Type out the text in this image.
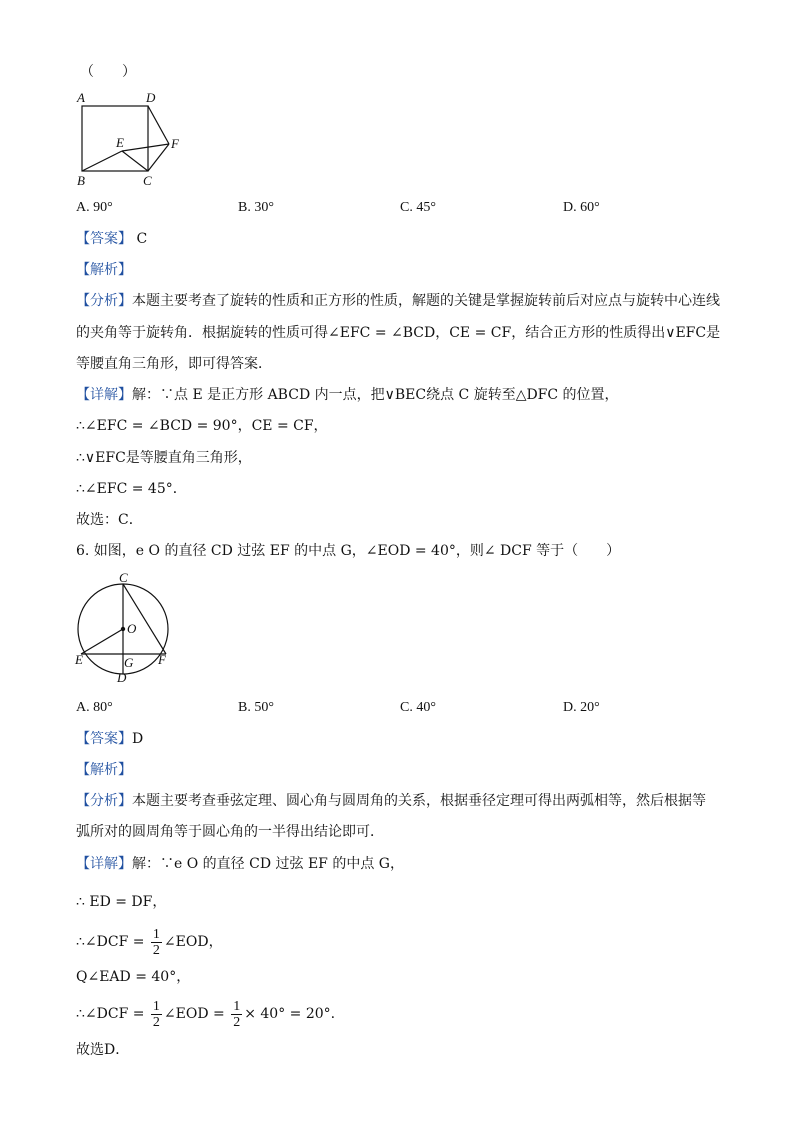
（　　）
A	D
E	F
B	C
A. 90°	B. 30°	C. 45°	D. 60°
【答案】 C
【解析】
【分析】本题主要考查了旋转的性质和正方形的性质，解题的关键是掌握旋转前后对应点与旋转中心连线
的夹角等于旋转角．根据旋转的性质可得∠EFC = ∠BCD，CE = CF，结合正方形的性质得出∨EFC是
等腰直角三角形，即可得答案．
【详解】解：∵点 E 是正方形 ABCD 内一点，把∨BEC绕点 C 旋转至△DFC 的位置，
∴∠EFC = ∠BCD = 90°，CE = CF，
∴∨EFC是等腰直角三角形，
∴∠EFC = 45°．
故选：C．
6. 如图，e O 的直径 CD 过弦 EF 的中点 G，∠EOD = 40°，则∠ DCF 等于（　　）
C
O
E	G F
D
A. 80°	B. 50°	C. 40°	D. 20°
【答案】D
【解析】
【分析】本题主要考查垂弦定理、圆心角与圆周角的关系，根据垂径定理可得出两弧相等，然后根据等
弧所对的圆周角等于圆心角的一半得出结论即可．
【详解】解：∵e O 的直径 CD 过弦 EF 的中点 G，
∴ ED = DF，
∴∠DCF = $\frac{1}{2}$ ∠EOD，
Q∠EAD = 40°，
∴∠DCF = $\frac{1}{2}$ ∠EOD = $\frac{1}{2} \times 40^\circ = 20^\circ$.
故选D．
